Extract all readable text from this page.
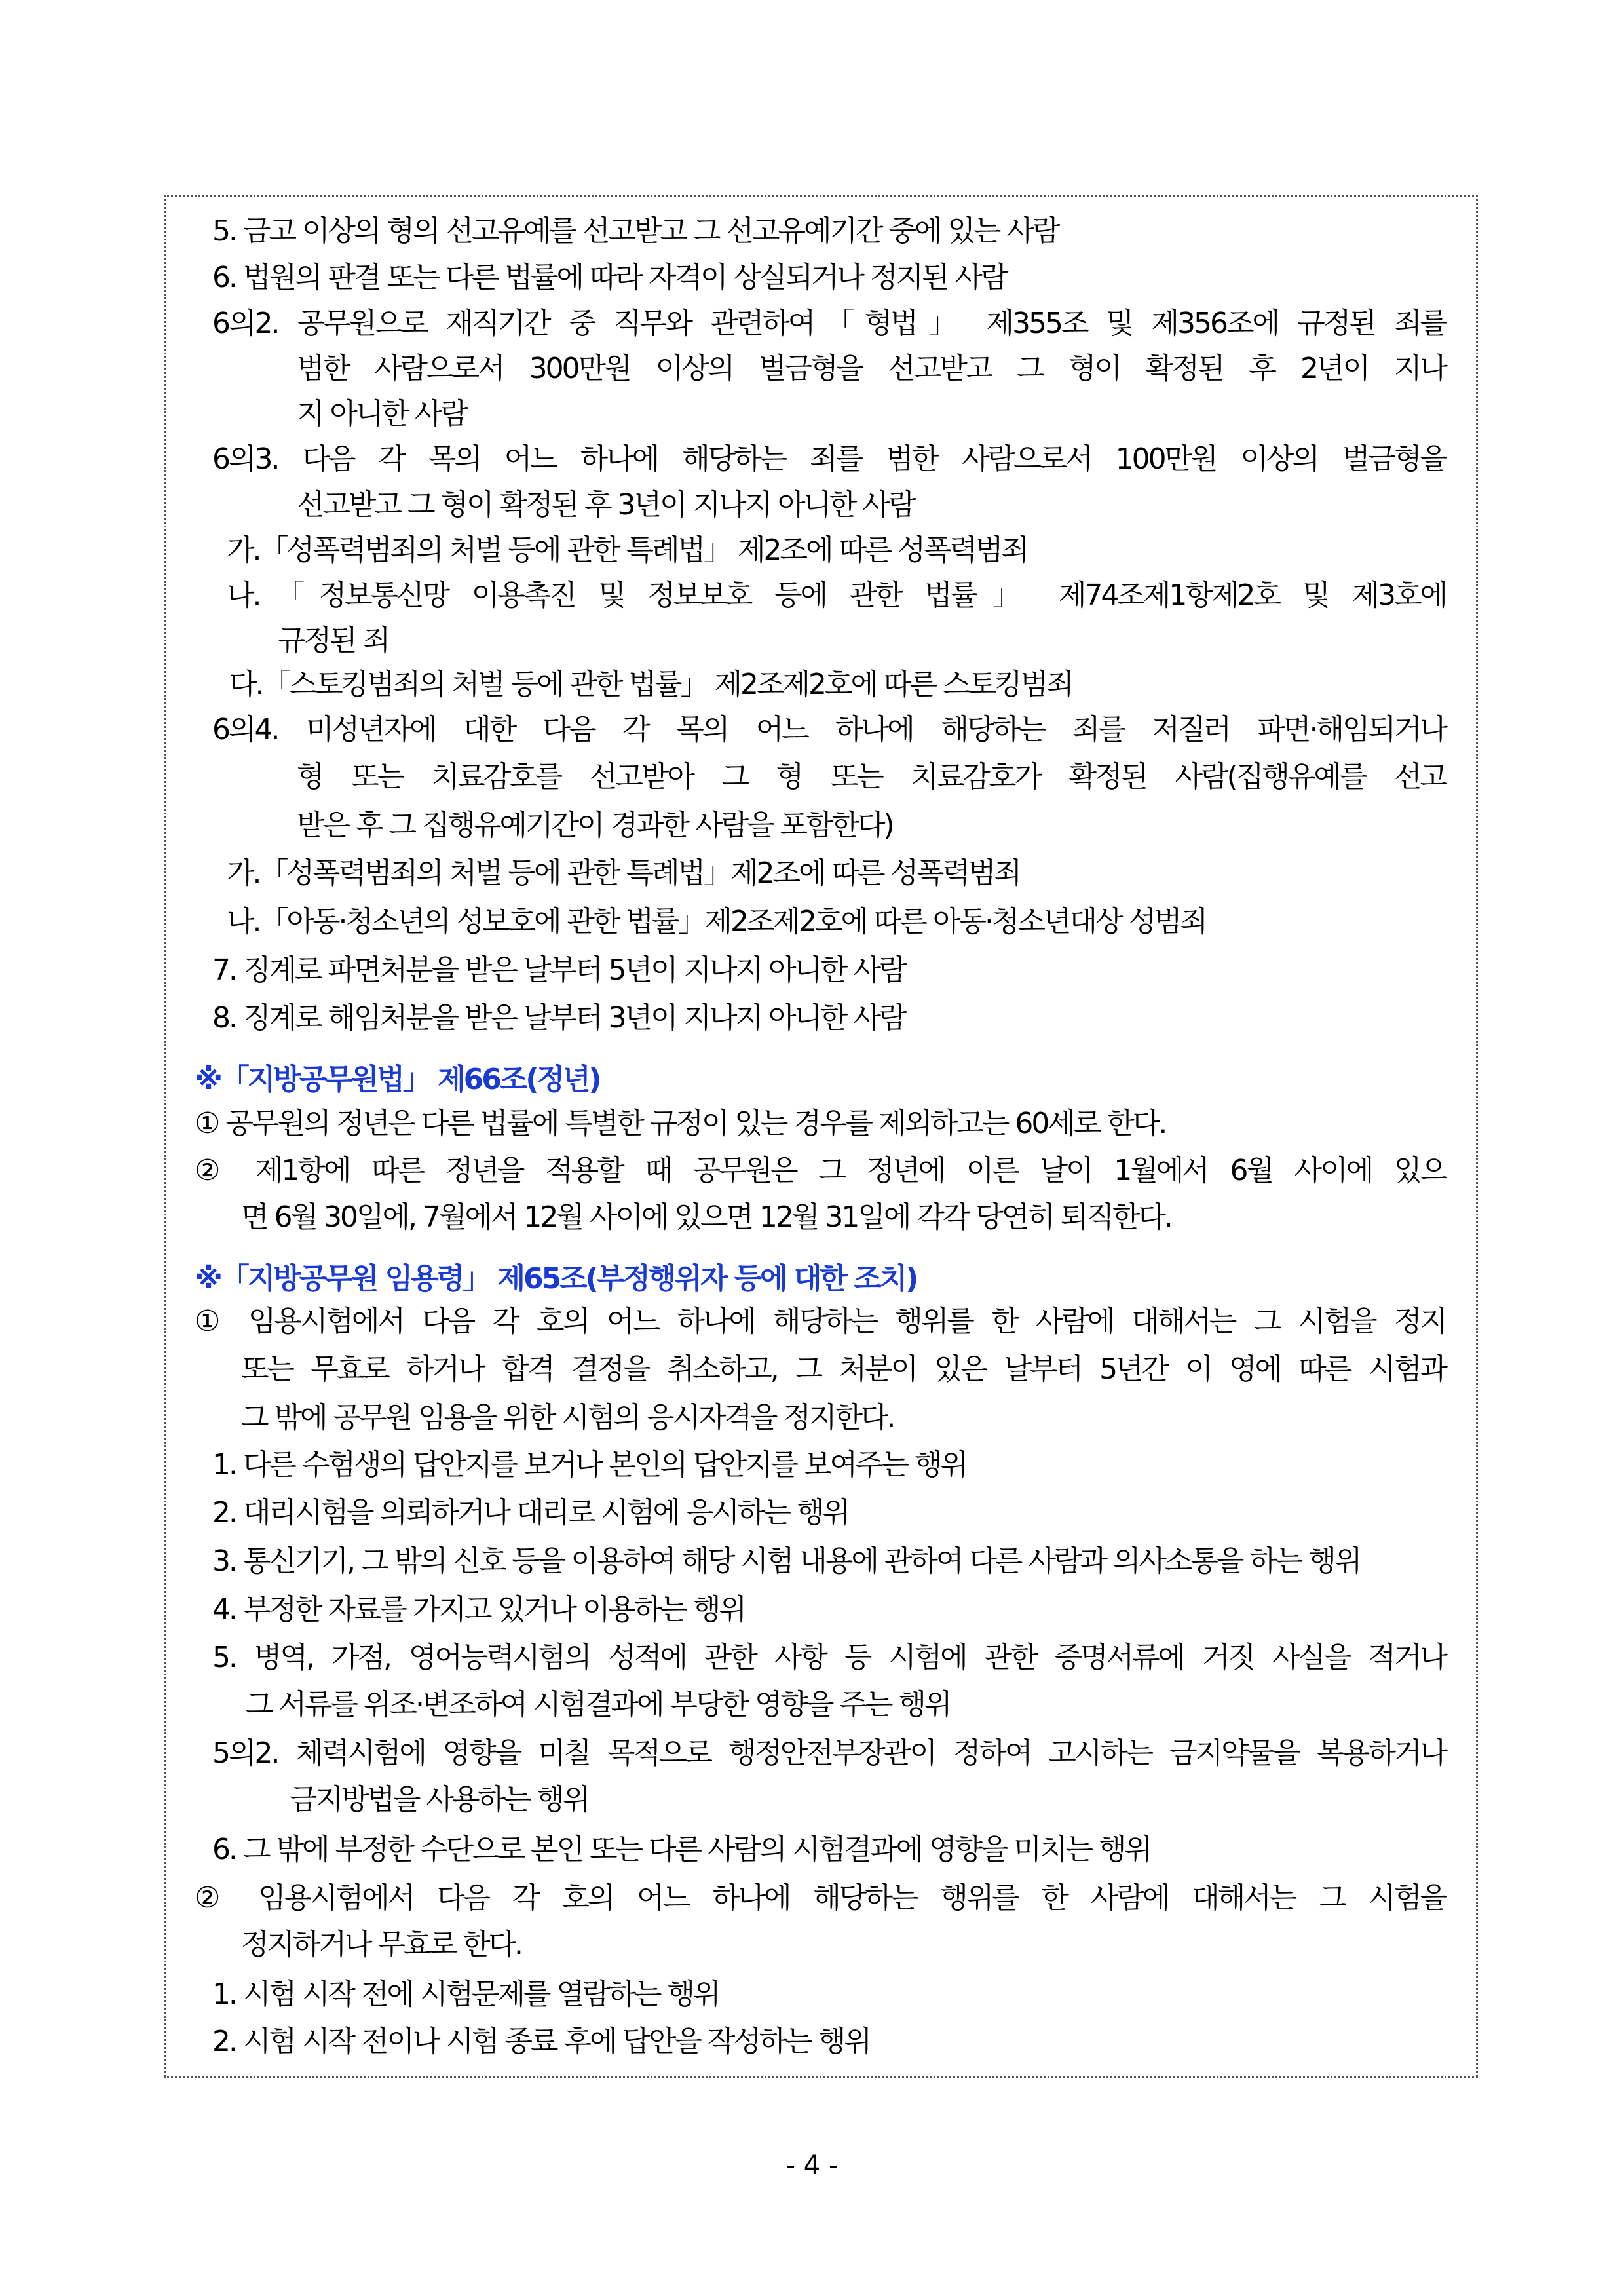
5. 금고 이상의 형의 선고유예를 선고받고 그 선고유예기간 중에 있는 사람
6. 법원의 판결 또는 다른 법률에 따라 자격이 상실되거나 정지된 사람
6의2. 공무원으로 재직기간 중 직무와 관련하여「형법」 제355조 및 제356조에 규정된 죄를
범한 사람으로서 300만원 이상의 벌금형을 선고받고 그 형이 확정된 후 2년이 지나
지 아니한 사람
6의3. 다음 각 목의 어느 하나에 해당하는 죄를 범한 사람으로서 100만원 이상의 벌금형을
선고받고 그 형이 확정된 후 3년이 지나지 아니한 사람
가.「성폭력범죄의 처벌 등에 관한 특례법」 제2조에 따른 성폭력범죄
나.「정보통신망 이용촉진 및 정보보호 등에 관한 법률」 제74조제1항제2호 및 제3호에
규정된 죄
다.「스토킹범죄의 처벌 등에 관한 법률」 제2조제2호에 따른 스토킹범죄
6의4. 미성년자에 대한 다음 각 목의 어느 하나에 해당하는 죄를 저질러 파면·해임되거나
형 또는 치료감호를 선고받아 그 형 또는 치료감호가 확정된 사람(집행유예를 선고
받은 후 그 집행유예기간이 경과한 사람을 포함한다)
가.「성폭력범죄의 처벌 등에 관한 특례법」제2조에 따른 성폭력범죄
나.「아동·청소년의 성보호에 관한 법률」제2조제2호에 따른 아동·청소년대상 성범죄
7. 징계로 파면처분을 받은 날부터 5년이 지나지 아니한 사람
8. 징계로 해임처분을 받은 날부터 3년이 지나지 아니한 사람
※「지방공무원법」 제66조(정년)
① 공무원의 정년은 다른 법률에 특별한 규정이 있는 경우를 제외하고는 60세로 한다.
② 제1항에 따른 정년을 적용할 때 공무원은 그 정년에 이른 날이 1월에서 6월 사이에 있으
면 6월 30일에, 7월에서 12월 사이에 있으면 12월 31일에 각각 당연히 퇴직한다.
※「지방공무원 임용령」 제65조(부정행위자 등에 대한 조치)
① 임용시험에서 다음 각 호의 어느 하나에 해당하는 행위를 한 사람에 대해서는 그 시험을 정지
또는 무효로 하거나 합격 결정을 취소하고, 그 처분이 있은 날부터 5년간 이 영에 따른 시험과
그 밖에 공무원 임용을 위한 시험의 응시자격을 정지한다.
1. 다른 수험생의 답안지를 보거나 본인의 답안지를 보여주는 행위
2. 대리시험을 의뢰하거나 대리로 시험에 응시하는 행위
3. 통신기기, 그 밖의 신호 등을 이용하여 해당 시험 내용에 관하여 다른 사람과 의사소통을 하는 행위
4. 부정한 자료를 가지고 있거나 이용하는 행위
5. 병역, 가점, 영어능력시험의 성적에 관한 사항 등 시험에 관한 증명서류에 거짓 사실을 적거나
그 서류를 위조·변조하여 시험결과에 부당한 영향을 주는 행위
5의2. 체력시험에 영향을 미칠 목적으로 행정안전부장관이 정하여 고시하는 금지약물을 복용하거나
금지방법을 사용하는 행위
6. 그 밖에 부정한 수단으로 본인 또는 다른 사람의 시험결과에 영향을 미치는 행위
② 임용시험에서 다음 각 호의 어느 하나에 해당하는 행위를 한 사람에 대해서는 그 시험을
정지하거나 무효로 한다.
1. 시험 시작 전에 시험문제를 열람하는 행위
2. 시험 시작 전이나 시험 종료 후에 답안을 작성하는 행위
- 4 -
